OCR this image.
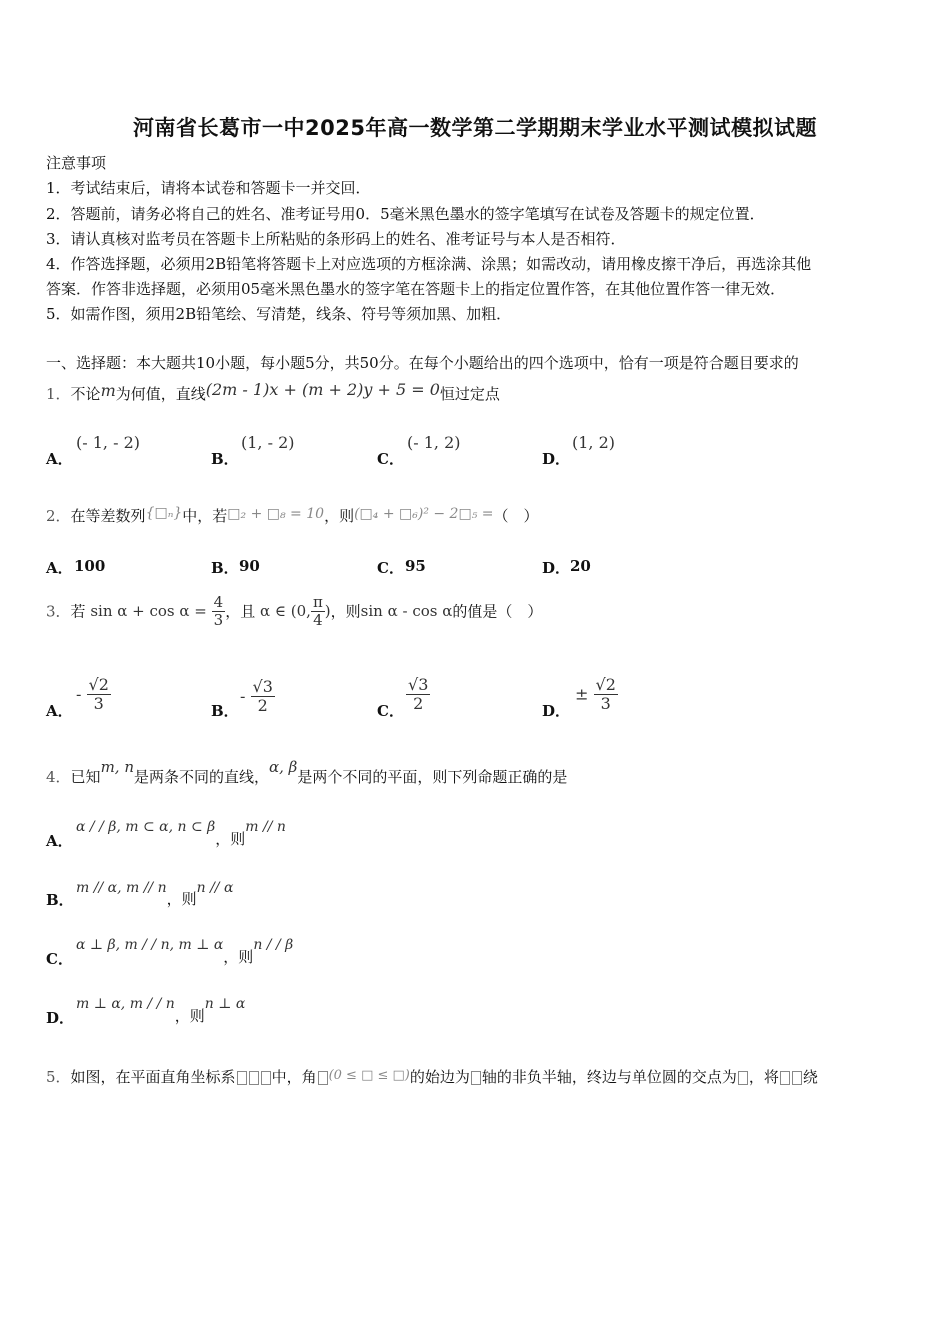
河南省长葛市一中2025年高一数学第二学期期末学业水平测试模拟试题
注意事项
1．考试结束后，请将本试卷和答题卡一并交回．
2．答题前，请务必将自己的姓名、准考证号用0．5毫米黑色墨水的签字笔填写在试卷及答题卡的规定位置．
3．请认真核对监考员在答题卡上所粘贴的条形码上的姓名、准考证号与本人是否相符．
4．作答选择题，必须用2B铅笔将答题卡上对应选项的方框涂满、涂黑；如需改动，请用橡皮擦干净后，再选涂其他
答案．作答非选择题，必须用05毫米黑色墨水的签字笔在答题卡上的指定位置作答，在其他位置作答一律无效．
5．如需作图，须用2B铅笔绘、写清楚，线条、符号等须加黑、加粗．
一、选择题：本大题共10小题，每小题5分，共50分。在每个小题给出的四个选项中，恰有一项是符合题目要求的
1．不论m为何值，直线(2m - 1)x + (m + 2)y + 5 = 0恒过定点
A．
(- 1, - 2)
B．
(1, - 2)
C．
(- 1, 2)
D．
(1, 2)
2．在等差数列{□ₙ}中，若□₂ + □₈ = 10，则(□₄ + □₆)² − 2□₅ =（　）
A． 100	B． 90	C． 95	D． 20
3．若 $\sin \alpha + \cos \alpha = \frac{4}{3}$ ，且 α ∈ (0, $\frac{\pi}{4}$ )，则sin α - cos α的值是（　）
A．
- $\frac{√2}{3}$	B．
- $\frac{√3}{2}$	C． $\frac{√3}{2}$	D．
± $\frac{√2}{3}$
4．已知m, n是两条不同的直线，α, β是两个不同的平面，则下列命题正确的是
A．
α / / β, m ⊂ α, n ⊂ β，则m // n
B．
m // α, m // n，则n // α
C．
α ⊥ β, m / / n, m ⊥ α，则n / / β
D．
m ⊥ α, m / / n，则n ⊥ α
5．如图，在平面直角坐标系 中，角 (0 ≤ □ ≤ □)的始边为 轴的非负半轴，终边与单位圆的交点为 ，将 绕
